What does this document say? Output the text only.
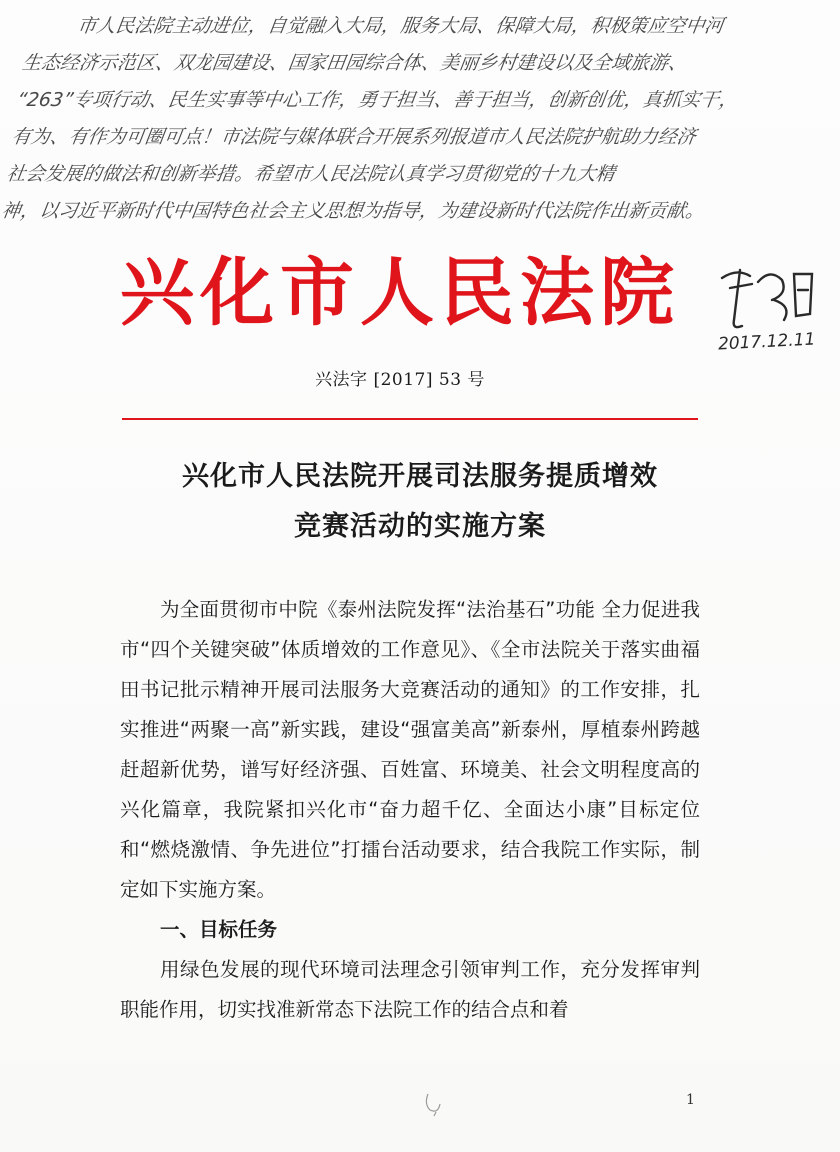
市人民法院主动进位，自觉融入大局，服务大局、保障大局，积极策应空中河
生态经济示范区、双龙园建设、国家田园综合体、美丽乡村建设以及全域旅游、
“263”专项行动、民生实事等中心工作，勇于担当、善于担当，创新创优，真抓实干，
有为、有作为可圈可点！市法院与媒体联合开展系列报道市人民法院护航助力经济
社会发展的做法和创新举措。希望市人民法院认真学习贯彻党的十九大精
神，以习近平新时代中国特色社会主义思想为指导，为建设新时代法院作出新贡献。
2017.12.11
兴化市人民法院
兴法字 [2017] 53 号
兴化市人民法院开展司法服务提质增效
竞赛活动的实施方案

为全面贯彻市中院《泰州法院发挥“法治基石”功能 全力促进我市“四个关键突破”体质增效的工作意见》、《全市法院关于落实曲福田书记批示精神开展司法服务大竞赛活动的通知》的工作安排，扎实推进“两聚一高”新实践，建设“强富美高”新泰州，厚植泰州跨越赶超新优势，谱写好经济强、百姓富、环境美、社会文明程度高的兴化篇章，我院紧扣兴化市“奋力超千亿、全面达小康”目标定位和“燃烧激情、争先进位”打擂台活动要求，结合我院工作实际，制定如下实施方案。

一、目标任务

用绿色发展的现代环境司法理念引领审判工作，充分发挥审判职能作用，切实找准新常态下法院工作的结合点和着

1
